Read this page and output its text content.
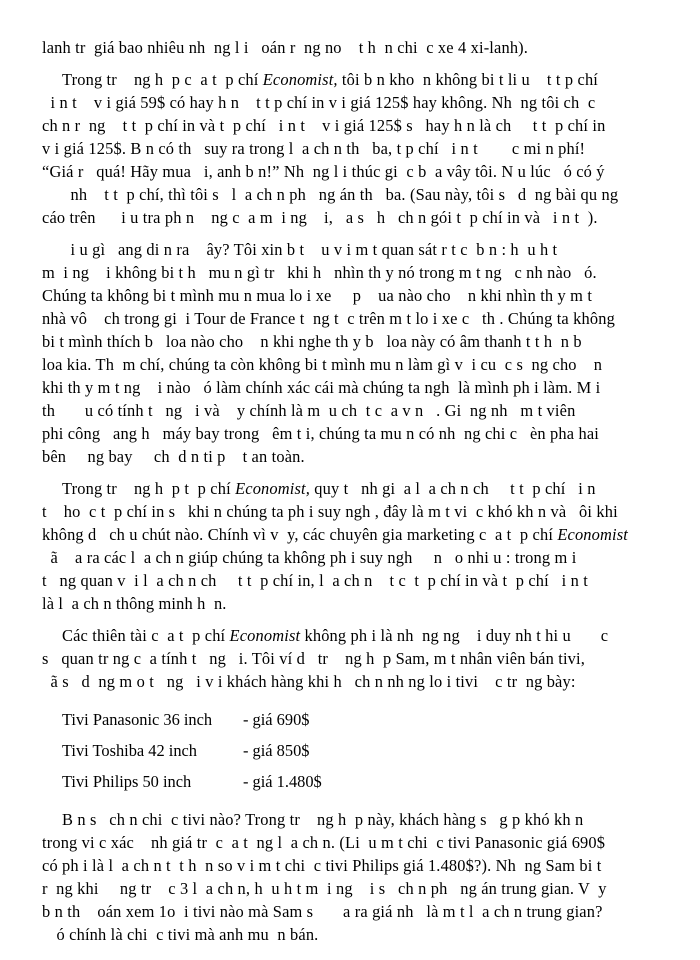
lanh tr  giá bao nhiêu nh  ng l i   oán r  ng no    t h  n chi  c xe 4 xi-lanh).
Trong tr    ng h  p c  a t  p chí Economist, tôi b n kho  n không bi t li u    t t p chí
i n t    v i giá 59$ có hay h n    t t p chí in v i giá 125$ hay không. Nh  ng tôi ch  c
ch n r  ng    t t  p chí in và t  p chí   i n t    v i giá 125$ s   hay h n là ch     t t  p chí in
v i giá 125$. B n có th   suy ra trong l  a ch n th   ba, t p chí   i n t        c mi n phí!
“Giá r   quá! Hãy mua   i, anh b n!” Nh  ng l i thúc gi  c b  a vây tôi. N u lúc   ó có ý
nh    t t  p chí, thì tôi s   l  a ch n ph   ng án th   ba. (Sau này, tôi s   d  ng bài qu ng
cáo trên      i u tra ph n    ng c  a m  i ng    i,   a s   h   ch n gói t  p chí in và   i n t  ).
i u gì   ang di n ra    ây? Tôi xin b t    u v i m t quan sát r t c  b n : h  u h t
m  i ng    i không bi t h   mu n gì tr   khi h   nhìn th y nó trong m t ng   c nh nào   ó.
Chúng ta không bi t mình mu n mua lo i xe     p    ua nào cho    n khi nhìn th y m t
nhà vô    ch trong gi  i Tour de France t  ng t  c trên m t lo i xe c   th . Chúng ta không
bi t mình thích b   loa nào cho    n khi nghe th y b   loa này có âm thanh t t h  n b
loa kia. Th  m chí, chúng ta còn không bi t mình mu n làm gì v  i cu  c s  ng cho    n
khi th y m t ng    i nào   ó làm chính xác cái mà chúng ta ngh  là mình ph i làm. M i
th       u có tính t   ng   i và    y chính là m  u ch  t c  a v n   . Gi  ng nh   m t viên
phi công   ang h   máy bay trong   êm t i, chúng ta mu n có nh  ng chi c   èn pha hai
bên     ng bay     ch  d n ti p    t an toàn.
Trong tr    ng h  p t  p chí Economist, quy t   nh gi  a l  a ch n ch     t t  p chí   i n
t    ho  c t  p chí in s   khi n chúng ta ph i suy ngh , đây là m t vi  c khó kh n và   ôi khi
không d   ch u chút nào. Chính vì v  y, các chuyên gia marketing c  a t  p chí Economist
ã    a ra các l  a ch n giúp chúng ta không ph i suy ngh     n   o nhi u : trong m i
t   ng quan v  i l  a ch n ch     t t  p chí in, l  a ch n    t c  t  p chí in và t  p chí   i n t
là l  a ch n thông minh h  n.
Các thiên tài c  a t  p chí Economist không ph i là nh  ng ng    i duy nh t hi u       c
s   quan tr ng c  a tính t   ng   i. Tôi ví d   tr    ng h  p Sam, m t nhân viên bán tivi,
ã s   d  ng m o t   ng   i v i khách hàng khi h   ch n nh ng lo i tivi    c tr  ng bày:
Tivi Panasonic 36 inch - giá 690$
Tivi Toshiba 42 inch	- giá 850$
Tivi Philips 50 inch	- giá 1.480$
B n s   ch n chi  c tivi nào? Trong tr    ng h  p này, khách hàng s   g p khó kh n
trong vi c xác    nh giá tr  c  a t  ng l  a ch n. (Li  u m t chi  c tivi Panasonic giá 690$
có ph i là l  a ch n t  t h  n so v i m t chi  c tivi Philips giá 1.480$?). Nh  ng Sam bi t
r  ng khi     ng tr    c 3 l  a ch n, h  u h t m  i ng    i s   ch n ph   ng án trung gian. V  y
b n th    oán xem 1o  i tivi nào mà Sam s       a ra giá nh   là m t l  a ch n trung gian?
ó chính là chi  c tivi mà anh mu  n bán.
